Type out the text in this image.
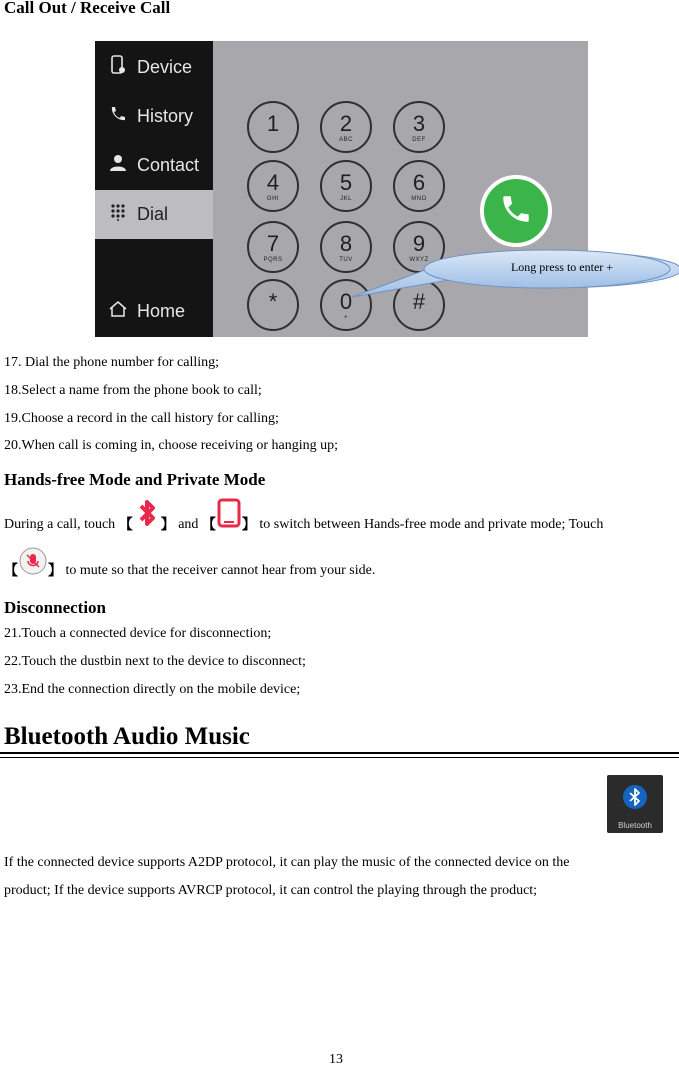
Call Out / Receive Call
Device
History
Contact
Dial
Home
1	2
ABC
3
DEF
4
GHI
5
JKL
6
MNO
7
PQRS
8
TUV
9
WXYZ
*	0
+
#
Long press to enter +
17. Dial the phone number for calling;
18.Select a name from the phone book to call;
19.Choose a record in the call history for calling;
20.When call is coming in, choose receiving or hanging up;
Hands-free Mode and Private Mode
During a call, touch 【 】 and 【 】 to switch between Hands-free mode and private mode; Touch
【 】 to mute so that the receiver cannot hear from your side.
Disconnection
21.Touch a connected device for disconnection;
22.Touch the dustbin next to the device to disconnect;
23.End the connection directly on the mobile device;
Bluetooth Audio Music
Bluetooth
If the connected device supports A2DP protocol, it can play the music of the connected device on the
product; If the device supports AVRCP protocol, it can control the playing through the product;
13
